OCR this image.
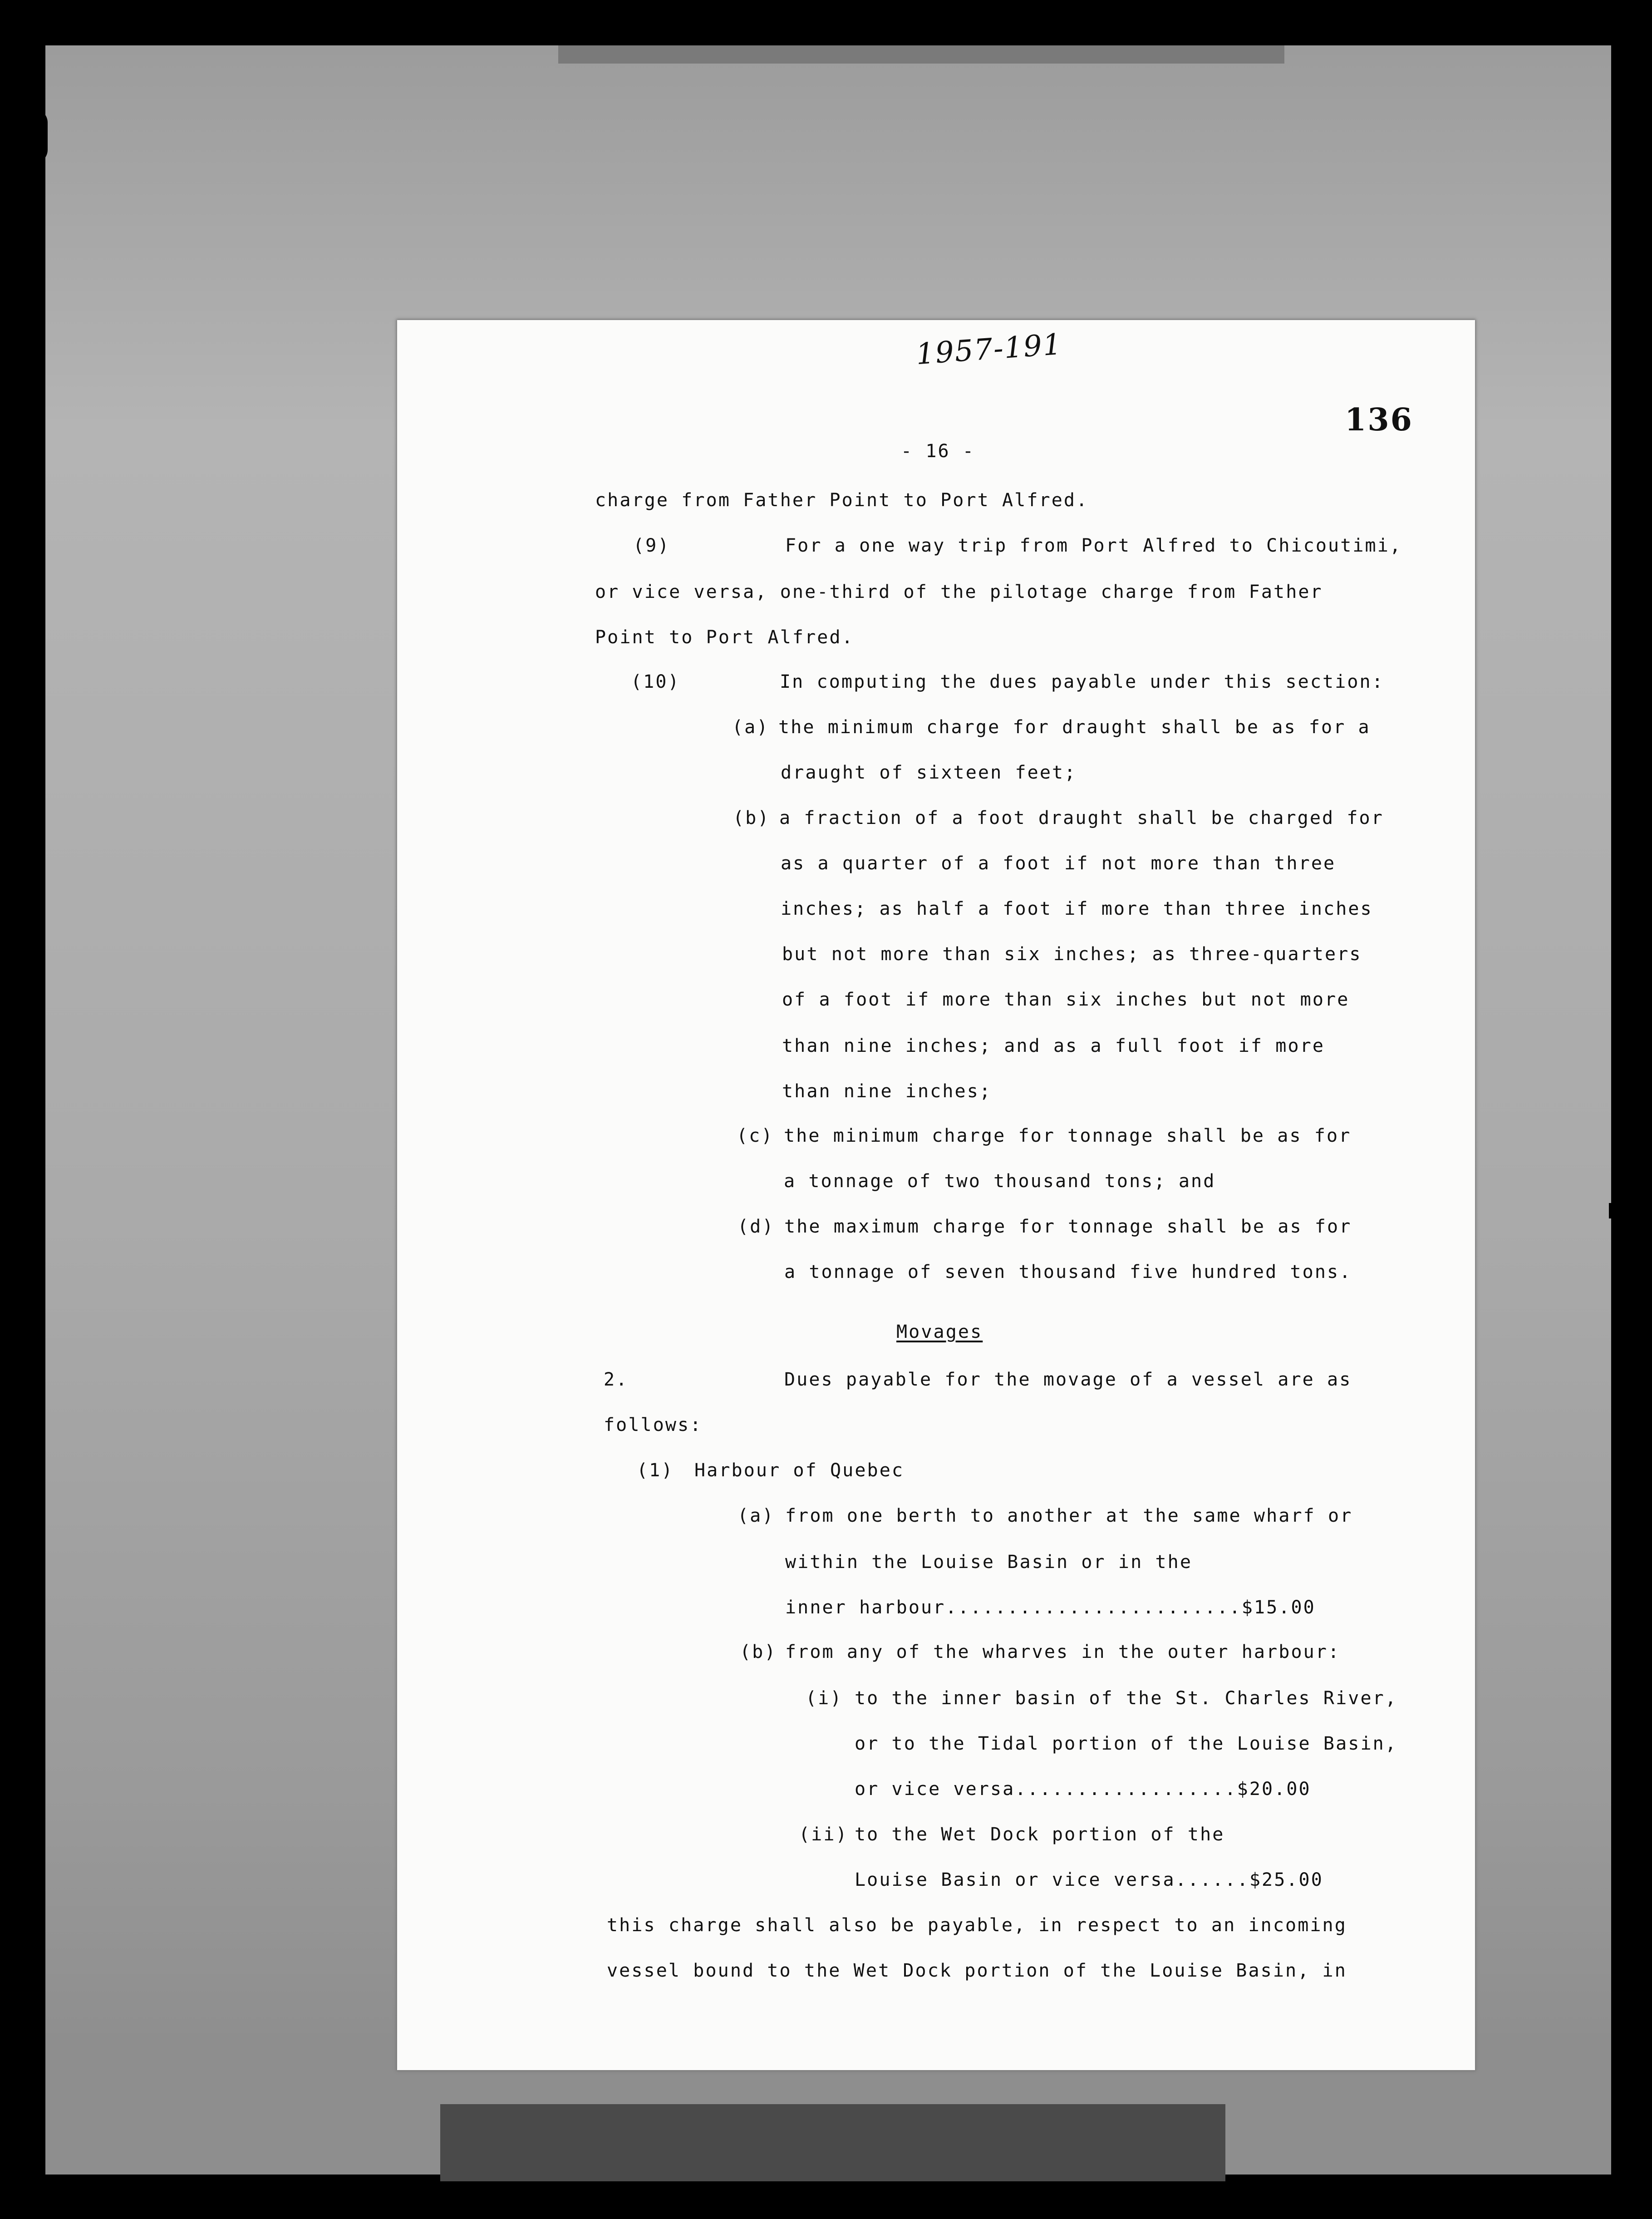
1957-191
136
- 16 -
charge from Father Point to Port Alfred.
(9)	For a one way trip from Port Alfred to Chicoutimi,
or vice versa, one-third of the pilotage charge from Father
Point to Port Alfred.
(10)	In computing the dues payable under this section:
(a) the minimum charge for draught shall be as for a
draught of sixteen feet;
(b) a fraction of a foot draught shall be charged for
as a quarter of a foot if not more than three
inches; as half a foot if more than three inches
but not more than six inches; as three-quarters
of a foot if more than six inches but not more
than nine inches; and as a full foot if more
than nine inches;
(c) the minimum charge for tonnage shall be as for
a tonnage of two thousand tons; and
(d) the maximum charge for tonnage shall be as for
a tonnage of seven thousand five hundred tons.
Movages
2.	Dues payable for the movage of a vessel are as
follows:
(1) Harbour of Quebec
(a) from one berth to another at the same wharf or
within the Louise Basin or in the
inner harbour........................$15.00
(b) from any of the wharves in the outer harbour:
(i) to the inner basin of the St. Charles River,
or to the Tidal portion of the Louise Basin,
or vice versa..................$20.00
(ii) to the Wet Dock portion of the
Louise Basin or vice versa......$25.00
this charge shall also be payable, in respect to an incoming
vessel bound to the Wet Dock portion of the Louise Basin, in
